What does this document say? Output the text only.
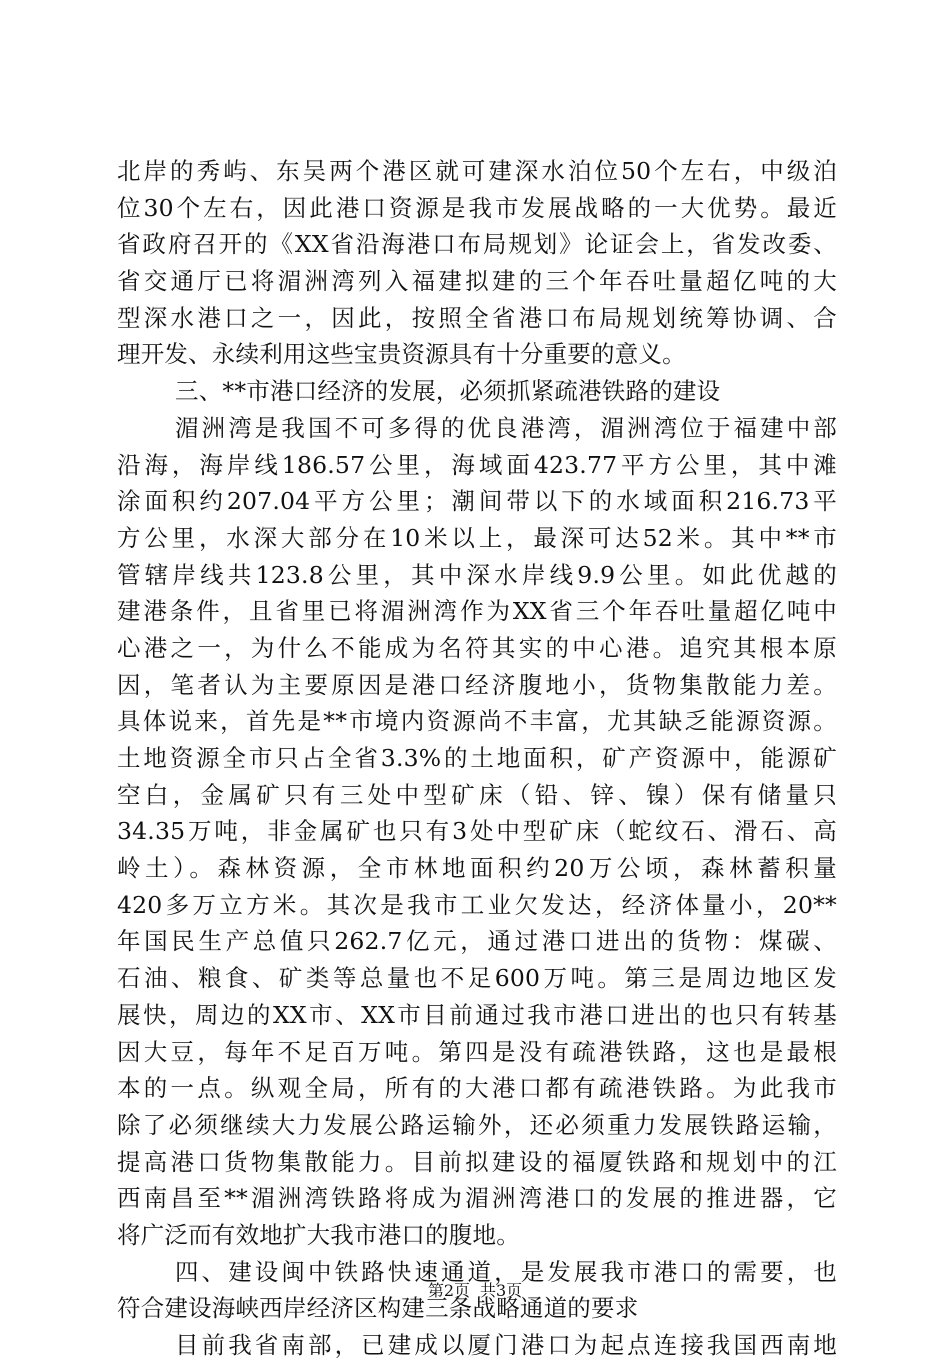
北岸的秀屿、东吴两个港区就可建深水泊位50个左右，中级泊
位30个左右，因此港口资源是我市发展战略的一大优势。最近
省政府召开的《XX省沿海港口布局规划》论证会上，省发改委、
省交通厅已将湄洲湾列入福建拟建的三个年吞吐量超亿吨的大
型深水港口之一，因此，按照全省港口布局规划统筹协调、合
理开发、永续利用这些宝贵资源具有十分重要的意义。
三、**市港口经济的发展，必须抓紧疏港铁路的建设
湄洲湾是我国不可多得的优良港湾，湄洲湾位于福建中部
沿海，海岸线186.57公里，海域面423.77平方公里，其中滩
涂面积约207.04平方公里；潮间带以下的水域面积216.73平
方公里，水深大部分在10米以上，最深可达52米。其中**市
管辖岸线共123.8公里，其中深水岸线9.9公里。如此优越的
建港条件，且省里已将湄洲湾作为XX省三个年吞吐量超亿吨中
心港之一，为什么不能成为名符其实的中心港。追究其根本原
因，笔者认为主要原因是港口经济腹地小，货物集散能力差。
具体说来，首先是**市境内资源尚不丰富，尤其缺乏能源资源。
土地资源全市只占全省3.3%的土地面积，矿产资源中，能源矿
空白，金属矿只有三处中型矿床（铅、锌、镍）保有储量只
34.35万吨，非金属矿也只有3处中型矿床（蛇纹石、滑石、高
岭土）。森林资源，全市林地面积约20万公顷，森林蓄积量
420多万立方米。其次是我市工业欠发达，经济体量小，20**
年国民生产总值只262.7亿元，通过港口进出的货物：煤碳、
石油、粮食、矿类等总量也不足600万吨。第三是周边地区发
展快，周边的XX市、XX市目前通过我市港口进出的也只有转基
因大豆，每年不足百万吨。第四是没有疏港铁路，这也是最根
本的一点。纵观全局，所有的大港口都有疏港铁路。为此我市
除了必须继续大力发展公路运输外，还必须重力发展铁路运输，
提高港口货物集散能力。目前拟建设的福厦铁路和规划中的江
西南昌至**湄洲湾铁路将成为湄洲湾港口的发展的推进器，它
将广泛而有效地扩大我市港口的腹地。
四、建设闽中铁路快速通道，是发展我市港口的需要，也
符合建设海峡西岸经济区构建三条战略通道的要求
目前我省南部，已建成以厦门港口为起点连接我国西南地
第2页 共3页
